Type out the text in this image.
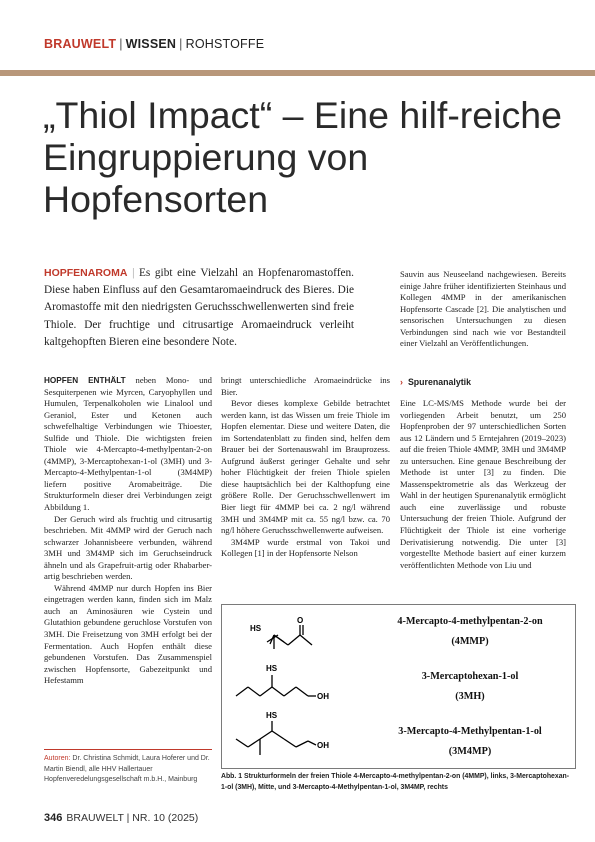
BRAUWELT | WISSEN | ROHSTOFFE
„Thiol Impact“ – Eine hilf-reiche Eingruppierung von Hopfensorten
HOPFENAROMA | Es gibt eine Vielzahl an Hopfenaromastoffen. Diese haben Einfluss auf den Gesamtaromaeindruck des Bieres. Die Aromastoffe mit den niedrigsten Geruchsschwellenwerten sind freie Thiole. Der fruchtige und citrusartige Aromaeindruck verleiht kaltgehopften Bieren eine besondere Note.

HOPFEN ENTHÄLT neben Mono- und Sesquiterpenen wie Myrcen, Caryophyllen und Humulen, Terpenalkoholen wie Linalool und Geraniol, Ester und Ketonen auch schwefelhaltige Verbindungen wie Thioester, Sulfide und Thiole. Die wichtigsten freien Thiole wie 4-Mercapto-4-methylpentan-2-on (4MMP), 3-Mercaptohexan-1-ol (3MH) und 3-Mercapto-4-Methylpentan-1-ol (3M4MP) liefern positive Aromabeiträge. Die Strukturformeln dieser drei Verbindungen zeigt Abbildung 1.

Der Geruch wird als fruchtig und citrusartig beschrieben. Mit 4MMP wird der Geruch nach schwarzer Johannisbeere verbunden, während 3MH und 3M4MP sich im Geruchseindruck ähneln und als Grapefruit-artig oder Rhabarber-artig beschrieben werden.

Während 4MMP nur durch Hopfen ins Bier eingetragen werden kann, finden sich im Malz auch an Aminosäuren wie Cystein und Glutathion gebundene geruchlose Vorstufen von 3MH. Die Freisetzung von 3MH erfolgt bei der Fermentation. Auch Hopfen enthält diese gebundenen Vorstufen. Das Zusammenspiel zwischen Hopfensorte, Gabezeitpunkt und Hefestamm

bringt unterschiedliche Aromaeindrücke ins Bier.

Bevor dieses komplexe Gebilde betrachtet werden kann, ist das Wissen um freie Thiole im Hopfen elementar. Diese und weitere Daten, die im Sortendatenblatt zu finden sind, helfen dem Brauer bei der Sortenauswahl im Brauprozess. Aufgrund äußerst geringer Gehalte und sehr hoher Flüchtigkeit der freien Thiole spielen diese hauptsächlich bei der Kalthopfung eine größere Rolle. Der Geruchsschwellenwert im Bier liegt für 4MMP bei ca. 2 ng/l während 3MH und 3M4MP mit ca. 55 ng/l bzw. ca. 70 ng/l höhere Geruchsschwellenwerte aufweisen.

3M4MP wurde erstmal von Takoi und Kollegen [1] in der Hopfensorte Nelson

Sauvin aus Neuseeland nachgewiesen. Bereits einige Jahre früher identifizierten Steinhaus und Kollegen 4MMP in der amerikanischen Hopfensorte Cascade [2]. Die analytischen und sensorischen Untersuchungen zu diesen Verbindungen sind nach wie vor Bestandteil einer Vielzahl an Veröffentlichungen.

› Spurenanalytik

Eine LC-MS/MS Methode wurde bei der vorliegenden Arbeit benutzt, um 250 Hopfenproben der 97 unterschiedlichen Sorten aus 12 Ländern und 5 Erntejahren (2019–2023) auf die freien Thiole 4MMP, 3MH und 3M4MP zu untersuchen. Eine genaue Beschreibung der Methode ist unter [3] zu finden. Die Massenspektrometrie als das Werkzeug der Wahl in der heutigen Spurenanalytik ermöglicht auch eine zuverlässige und robuste Untersuchung der freien Thiole. Aufgrund der Flüchtigkeit der Thiole ist eine vorherige Derivatisierung notwendig. Die unter [3] vorgestellte Methode basiert auf einer kurzem veröffentlichten Methode von Liu und

Autoren: Dr. Christina Schmidt, Laura Hoferer und Dr. Martin Biendl, alle HHV Hallertauer Hopfenveredelungsgesellschaft m.b.H., Mainburg
HS
O
HS
OH
HS
OH
4-Mercapto-4-methylpentan-2-on
(4MMP)
3-Mercaptohexan-1-ol
(3MH)
3-Mercapto-4-Methylpentan-1-ol
(3M4MP)
Abb. 1 Strukturformeln der freien Thiole 4-Mercapto-4-methylpentan-2-on (4MMP), links, 3-Mercaptohexan-1-ol (3MH), Mitte, und 3-Mercapto-4-Methylpentan-1-ol, 3M4MP, rechts
346 BRAUWELT | NR. 10 (2025)
